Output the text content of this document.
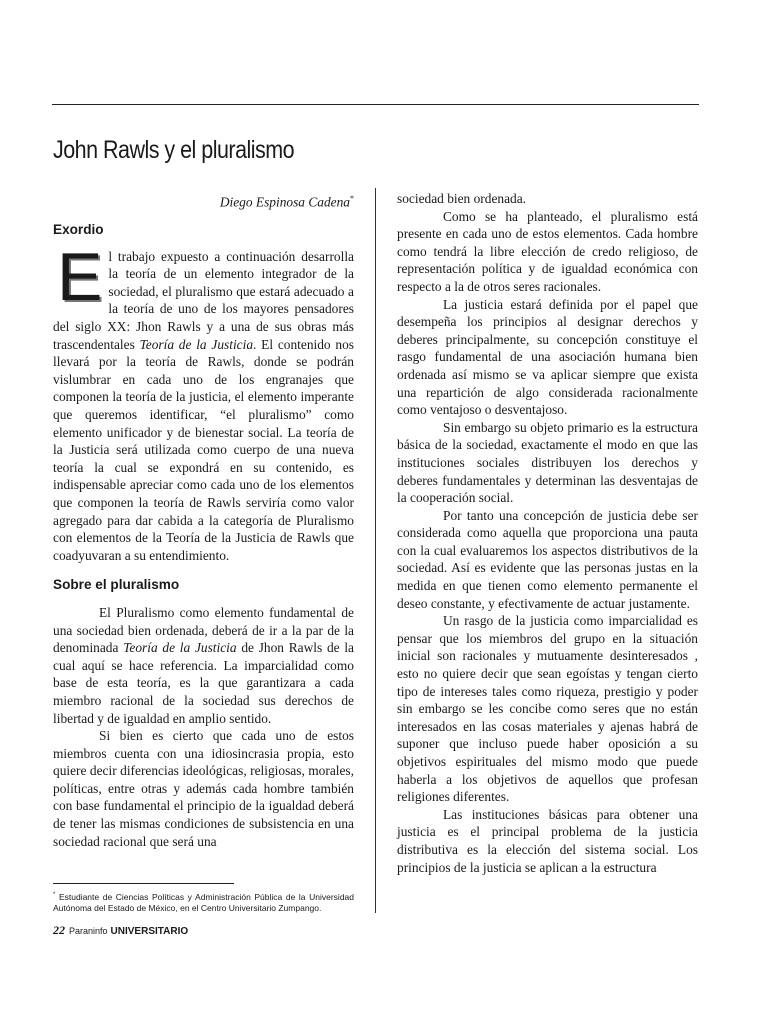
John Rawls y el pluralismo

Diego Espinosa Cadena*

Exordio

El trabajo expuesto a continuación desarrolla la teoría de un elemento integrador de la sociedad, el pluralismo que estará adecuado a la teoría de uno de los mayores pensadores del siglo XX: Jhon Rawls y a una de sus obras más trascendentales Teoría de la Justicia. El contenido nos llevará por la teoría de Rawls, donde se podrán vislumbrar en cada uno de los engranajes que componen la teoría de la justicia, el elemento imperante que queremos identificar, “el pluralismo” como elemento unificador y de bienestar social. La teoría de la Justicia será utilizada como cuerpo de una nueva teoría la cual se expondrá en su contenido, es indispensable apreciar como cada uno de los elementos que componen la teoría de Rawls serviría como valor agregado para dar cabida a la categoría de Pluralismo con elementos de la Teoría de la Justicia de Rawls que coadyuvaran a su entendimiento.

Sobre el pluralismo

El Pluralismo como elemento fundamental de una sociedad bien ordenada, deberá de ir a la par de la denominada Teoría de la Justicia de Jhon Rawls de la cual aquí se hace referencia. La imparcialidad como base de esta teoría, es la que garantizara a cada miembro racional de la sociedad sus derechos de libertad y de igualdad en amplio sentido.

Si bien es cierto que cada uno de estos miembros cuenta con una idiosincrasia propia, esto quiere decir diferencias ideológicas, religiosas, morales, políticas, entre otras y además cada hombre también con base fundamental el principio de la igualdad deberá de tener las mismas condiciones de subsistencia en una sociedad racional que será una

sociedad bien ordenada.

Como se ha planteado, el pluralismo está presente en cada uno de estos elementos. Cada hombre como tendrá la libre elección de credo religioso, de representación política y de igualdad económica con respecto a la de otros seres racionales.

La justicia estará definida por el papel que desempeña los principios al designar derechos y deberes principalmente, su concepción constituye el rasgo fundamental de una asociación humana bien ordenada así mismo se va aplicar siempre que exista una repartición de algo considerada racionalmente como ventajoso o desventajoso.

Sin embargo su objeto primario es la estructura básica de la sociedad, exactamente el modo en que las instituciones sociales distribuyen los derechos y deberes fundamentales y determinan las desventajas de la cooperación social.

Por tanto una concepción de justicia debe ser considerada como aquella que proporciona una pauta con la cual evaluaremos los aspectos distributivos de la sociedad. Así es evidente que las personas justas en la medida en que tienen como elemento permanente el deseo constante, y efectivamente de actuar justamente.

Un rasgo de la justicia como imparcialidad es pensar que los miembros del grupo en la situación inicial son racionales y mutuamente desinteresados , esto no quiere decir que sean egoístas y tengan cierto tipo de intereses tales como riqueza, prestigio y poder sin embargo se les concibe como seres que no están interesados en las cosas materiales y ajenas habrá de suponer que incluso puede haber oposición a su objetivos espirituales del mismo modo que puede haberla a los objetivos de aquellos que profesan religiones diferentes.

Las instituciones básicas para obtener una justicia es el principal problema de la justicia distributiva es la elección del sistema social. Los principios de la justicia se aplican a la estructura

* Estudiante de Ciencias Políticas y Administración Pública de la Universidad Autónoma del Estado de México, en el Centro Universitario Zumpango.
22 Paraninfo UNIVERSITARIO
